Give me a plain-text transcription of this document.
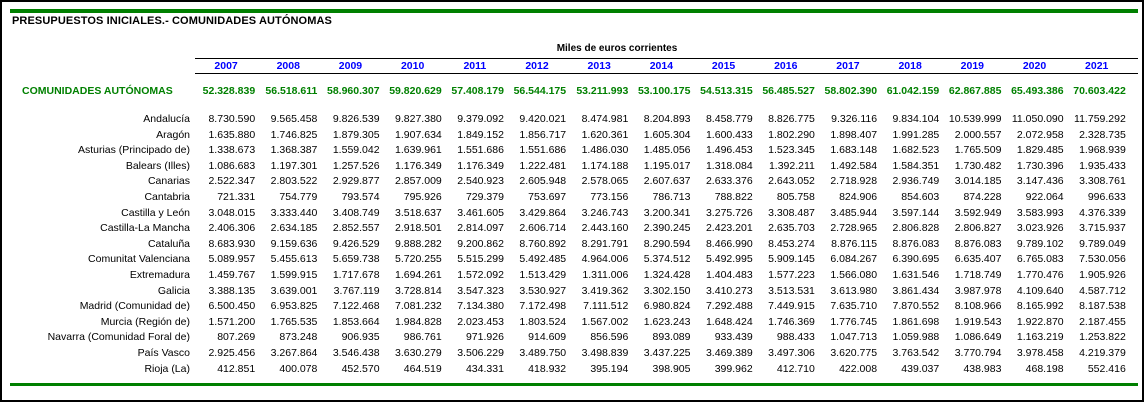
PRESUPUESTOS INICIALES.- COMUNIDADES AUTÓNOMAS
Miles de euros corrientes
2007	2008	2009	2010	2011	2012	2013	2014	2015	2016	2017	2018	2019	2020	2021
COMUNIDADES AUTÓNOMAS	52.328.839 56.518.611 58.960.307 59.820.629 57.408.179 56.544.175 53.211.993 53.100.175 54.513.315 56.485.527 58.802.390 61.042.159 62.867.885 65.493.386 70.603.422
Andalucía	8.730.590	9.565.458	9.826.539	9.827.380	9.379.092	9.420.021	8.474.981	8.204.893	8.458.779	8.826.775	9.326.116	9.834.104 10.539.999 11.050.090 11.759.292
Aragón	1.635.880	1.746.825	1.879.305	1.907.634	1.849.152	1.856.717	1.620.361	1.605.304	1.600.433	1.802.290	1.898.407	1.991.285	2.000.557	2.072.958	2.328.735
Asturias (Principado de)	1.338.673	1.368.387	1.559.042	1.639.961	1.551.686	1.551.686	1.486.030	1.485.056	1.496.453	1.523.345	1.683.148	1.682.523	1.765.509	1.829.485	1.968.939
Balears (Illes)	1.086.683	1.197.301	1.257.526	1.176.349	1.176.349	1.222.481	1.174.188	1.195.017	1.318.084	1.392.211	1.492.584	1.584.351	1.730.482	1.730.396	1.935.433
Canarias	2.522.347	2.803.522	2.929.877	2.857.009	2.540.923	2.605.948	2.578.065	2.607.637	2.633.376	2.643.052	2.718.928	2.936.749	3.014.185	3.147.436	3.308.761
Cantabria	721.331	754.779	793.574	795.926	729.379	753.697	773.156	786.713	788.822	805.758	824.906	854.603	874.228	922.064	996.633
Castilla y León	3.048.015	3.333.440	3.408.749	3.518.637	3.461.605	3.429.864	3.246.743	3.200.341	3.275.726	3.308.487	3.485.944	3.597.144	3.592.949	3.583.993	4.376.339
Castilla-La Mancha	2.406.306	2.634.185	2.852.557	2.918.501	2.814.097	2.606.714	2.443.160	2.390.245	2.423.201	2.635.703	2.728.965	2.806.828	2.806.827	3.023.926	3.715.937
Cataluña	8.683.930	9.159.636	9.426.529	9.888.282	9.200.862	8.760.892	8.291.791	8.290.594	8.466.990	8.453.274	8.876.115	8.876.083	8.876.083	9.789.102	9.789.049
Comunitat Valenciana	5.089.957	5.455.613	5.659.738	5.720.255	5.515.299	5.492.485	4.964.006	5.374.512	5.492.995	5.909.145	6.084.267	6.390.695	6.635.407	6.765.083	7.530.056
Extremadura	1.459.767	1.599.915	1.717.678	1.694.261	1.572.092	1.513.429	1.311.006	1.324.428	1.404.483	1.577.223	1.566.080	1.631.546	1.718.749	1.770.476	1.905.926
Galicia	3.388.135	3.639.001	3.767.119	3.728.814	3.547.323	3.530.927	3.419.362	3.302.150	3.410.273	3.513.531	3.613.980	3.861.434	3.987.978	4.109.640	4.587.712
Madrid (Comunidad de)	6.500.450	6.953.825	7.122.468	7.081.232	7.134.380	7.172.498	7.111.512	6.980.824	7.292.488	7.449.915	7.635.710	7.870.552	8.108.966	8.165.992	8.187.538
Murcia (Región de)	1.571.200	1.765.535	1.853.664	1.984.828	2.023.453	1.803.524	1.567.002	1.623.243	1.648.424	1.746.369	1.776.745	1.861.698	1.919.543	1.922.870	2.187.455
Navarra (Comunidad Foral de)	807.269	873.248	906.935	986.761	971.926	914.609	856.596	893.089	933.439	988.433	1.047.713	1.059.988	1.086.649	1.163.219	1.253.822
País Vasco	2.925.456	3.267.864	3.546.438	3.630.279	3.506.229	3.489.750	3.498.839	3.437.225	3.469.389	3.497.306	3.620.775	3.763.542	3.770.794	3.978.458	4.219.379
Rioja (La)	412.851	400.078	452.570	464.519	434.331	418.932	395.194	398.905	399.962	412.710	422.008	439.037	438.983	468.198	552.416
